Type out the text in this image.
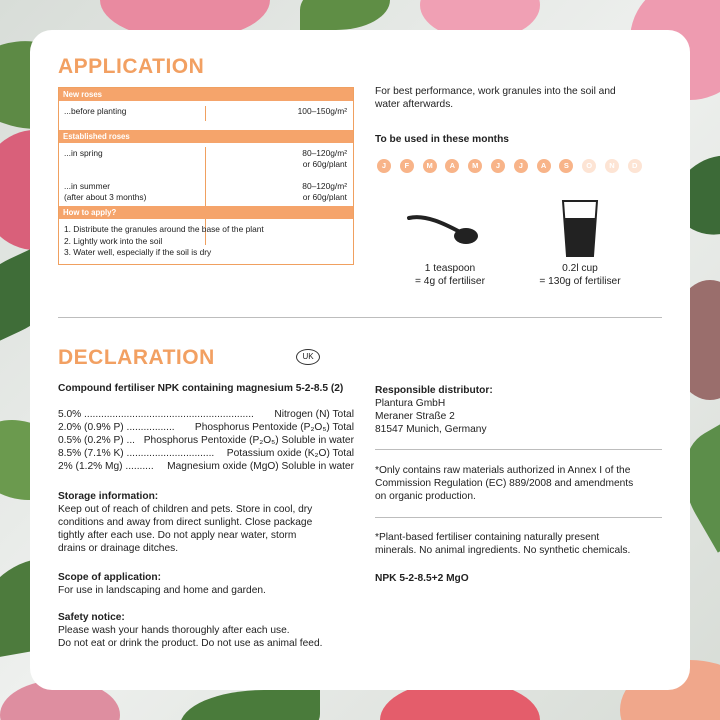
APPLICATION
New roses
...before planting	100–150g/m²
Established roses
...in spring	80–120g/m²
or 60g/plant
...in summer
(after about 3 months)
80–120g/m²
or 60g/plant
How to apply?
1. Distribute the granules around the base of the plant
2. Lightly work into the soil
3. Water well, especially if the soil is dry
For best performance, work granules into the soil and
water afterwards.
To be used in these months
J F M A M J J A S O N D
1 teaspoon
= 4g of fertiliser
0.2l cup
= 130g of fertiliser
DECLARATION	UK
Compound fertiliser NPK containing magnesium 5-2-8.5 (2)
5.0% ............................................................ Nitrogen (N) Total
2.0% (0.9% P) ................. Phosphorus Pentoxide (P₂O₅) Total
0.5% (0.2% P) ... Phosphorus Pentoxide (P₂O₅) Soluble in water
8.5% (7.1% K) ............................... Potassium oxide (K₂O) Total
2% (1.2% Mg) .......... Magnesium oxide (MgO) Soluble in water
Storage information:
Keep out of reach of children and pets. Store in cool, dry
conditions and away from direct sunlight. Close package
tightly after each use. Do not apply near water, storm
drains or drainage ditches.
Scope of application:
For use in landscaping and home and garden.
Safety notice:
Please wash your hands thoroughly after each use.
Do not eat or drink the product. Do not use as animal feed.
Responsible distributor:
Plantura GmbH
Meraner Straße 2
81547 Munich, Germany
*Only contains raw materials authorized in Annex I of the
Commission Regulation (EC) 889/2008 and amendments
on organic production.
*Plant-based fertiliser containing naturally present
minerals. No animal ingredients. No synthetic chemicals.
NPK 5-2-8.5+2 MgO
